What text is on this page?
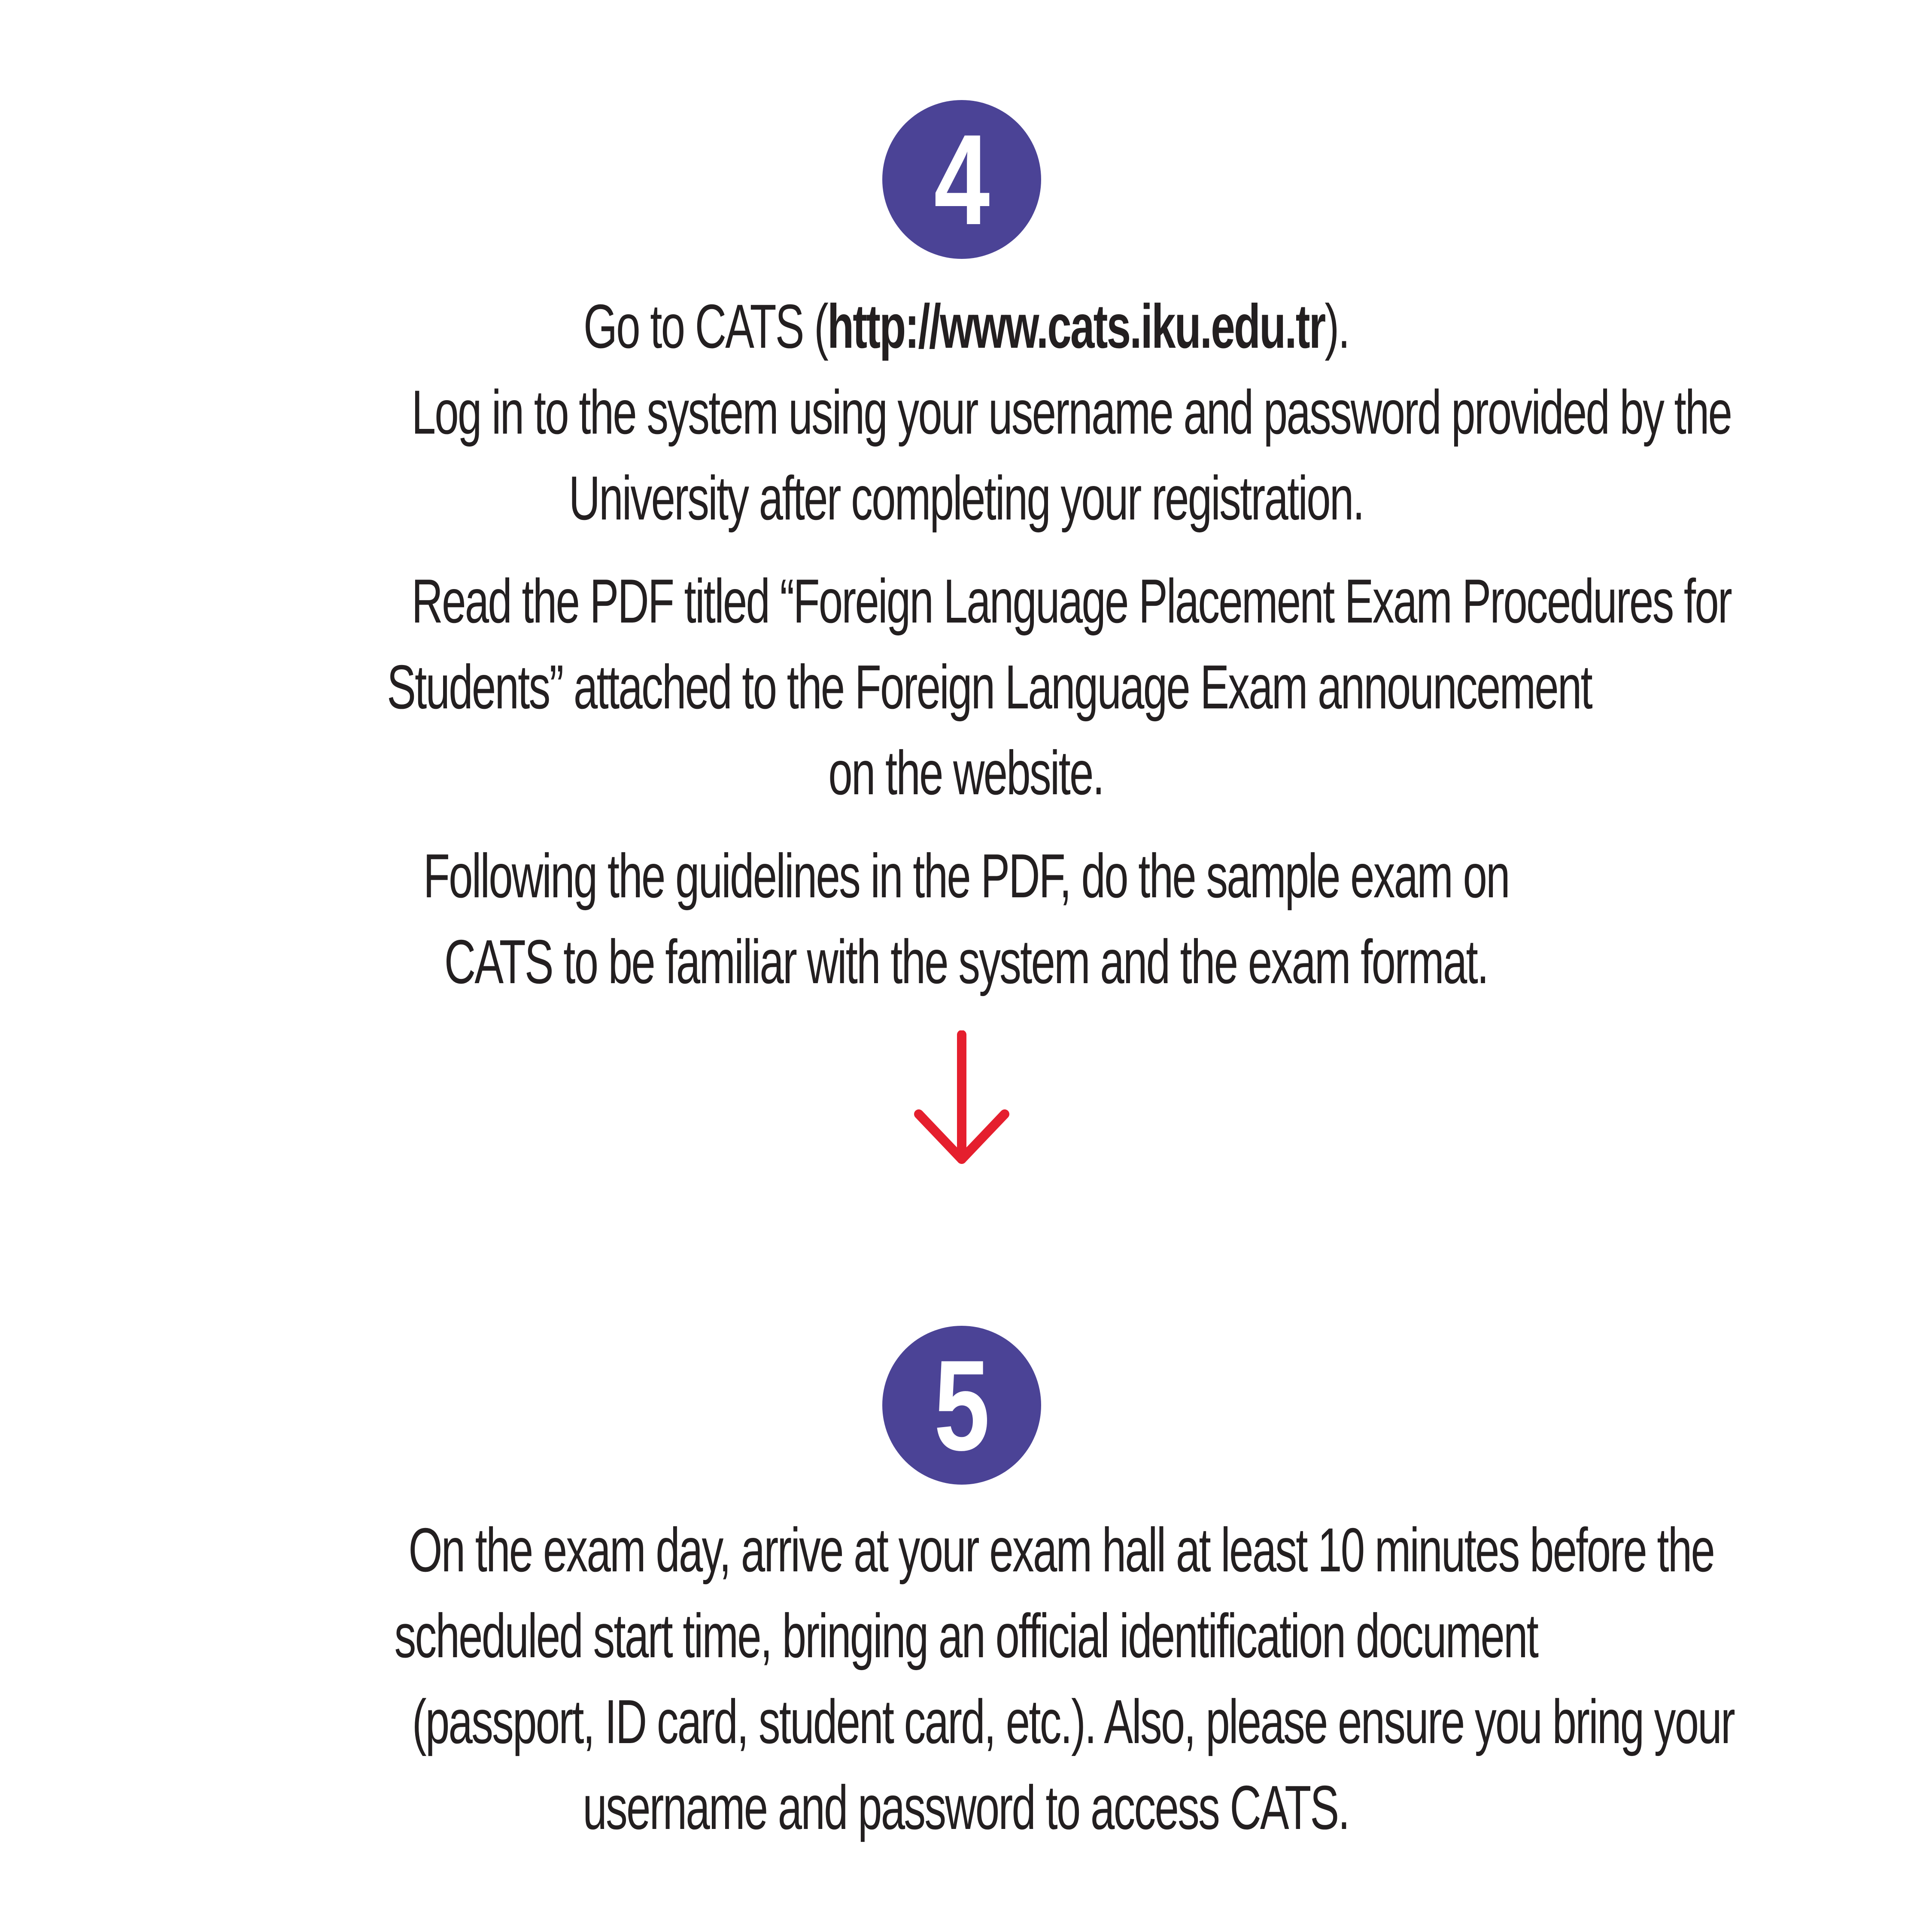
4

Go to CATS (http://www.cats.iku.edu.tr).
Log in to the system using your username and password provided by the
University after completing your registration.

Read the PDF titled “Foreign Language Placement Exam Procedures for
Students” attached to the Foreign Language Exam announcement
on the website.

Following the guidelines in the PDF, do the sample exam on
CATS to be familiar with the system and the exam format.

5

On the exam day, arrive at your exam hall at least 10 minutes before the
scheduled start time, bringing an official identification document
(passport, ID card, student card, etc.). Also, please ensure you bring your
username and password to access CATS.
